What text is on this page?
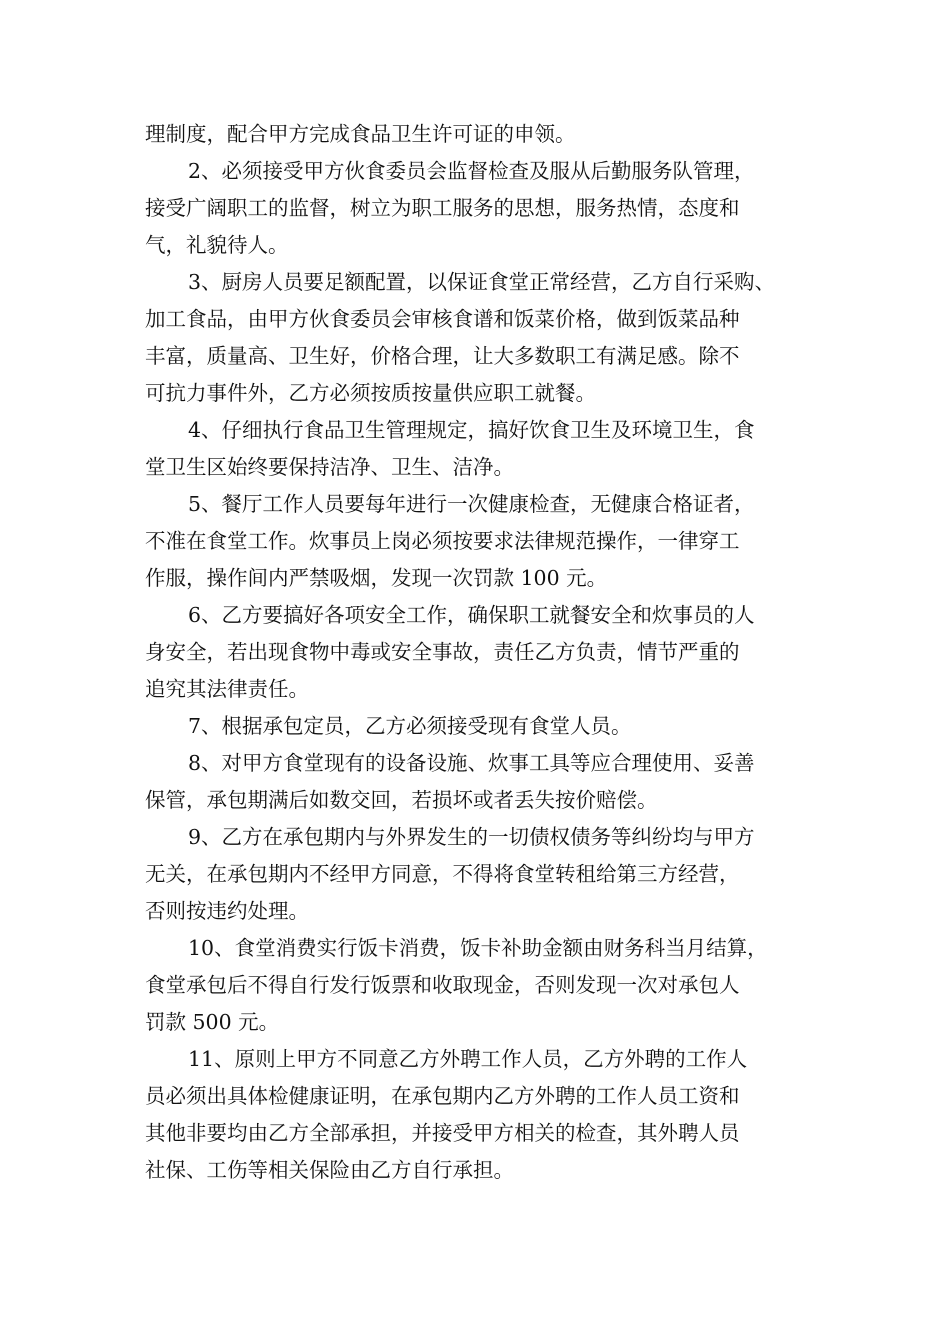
理制度，配合甲方完成食品卫生许可证的申领。
2、必须接受甲方伙食委员会监督检查及服从后勤服务队管理，
接受广阔职工的监督，树立为职工服务的思想，服务热情，态度和
气，礼貌待人。
3、厨房人员要足额配置，以保证食堂正常经营，乙方自行采购、
加工食品，由甲方伙食委员会审核食谱和饭菜价格，做到饭菜品种
丰富，质量高、卫生好，价格合理，让大多数职工有满足感。除不
可抗力事件外，乙方必须按质按量供应职工就餐。
4、仔细执行食品卫生管理规定，搞好饮食卫生及环境卫生，食
堂卫生区始终要保持洁净、卫生、洁净。
5、餐厅工作人员要每年进行一次健康检查，无健康合格证者，
不准在食堂工作。炊事员上岗必须按要求法律规范操作，一律穿工
作服，操作间内严禁吸烟，发现一次罚款 100 元。
6、乙方要搞好各项安全工作，确保职工就餐安全和炊事员的人
身安全，若出现食物中毒或安全事故，责任乙方负责，情节严重的
追究其法律责任。
7、根据承包定员，乙方必须接受现有食堂人员。
8、对甲方食堂现有的设备设施、炊事工具等应合理使用、妥善
保管，承包期满后如数交回，若损坏或者丢失按价赔偿。
9、乙方在承包期内与外界发生的一切债权债务等纠纷均与甲方
无关，在承包期内不经甲方同意，不得将食堂转租给第三方经营，
否则按违约处理。
10、食堂消费实行饭卡消费，饭卡补助金额由财务科当月结算，
食堂承包后不得自行发行饭票和收取现金，否则发现一次对承包人
罚款 500 元。
11、原则上甲方不同意乙方外聘工作人员，乙方外聘的工作人
员必须出具体检健康证明，在承包期内乙方外聘的工作人员工资和
其他非要均由乙方全部承担，并接受甲方相关的检查，其外聘人员
社保、工伤等相关保险由乙方自行承担。
